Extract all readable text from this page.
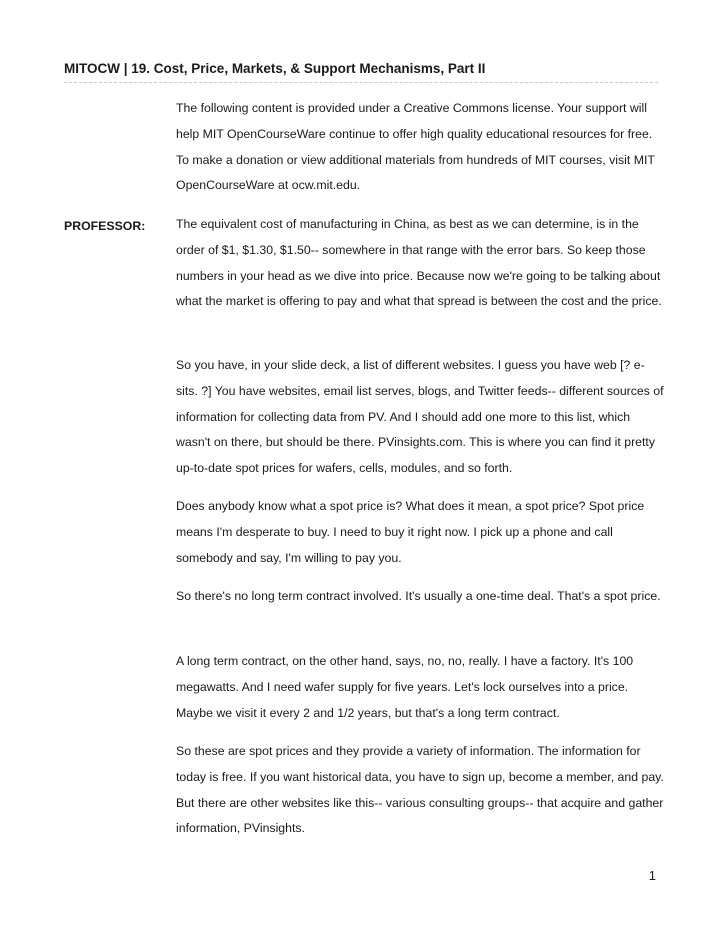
MITOCW | 19. Cost, Price, Markets, & Support Mechanisms, Part II
The following content is provided under a Creative Commons license. Your support will help MIT OpenCourseWare continue to offer high quality educational resources for free. To make a donation or view additional materials from hundreds of MIT courses, visit MIT OpenCourseWare at ocw.mit.edu.
PROFESSOR: The equivalent cost of manufacturing in China, as best as we can determine, is in the order of $1, $1.30, $1.50-- somewhere in that range with the error bars. So keep those numbers in your head as we dive into price. Because now we're going to be talking about what the market is offering to pay and what that spread is between the cost and the price.
So you have, in your slide deck, a list of different websites. I guess you have web [? e-sits. ?] You have websites, email list serves, blogs, and Twitter feeds-- different sources of information for collecting data from PV. And I should add one more to this list, which wasn't on there, but should be there. PVinsights.com. This is where you can find it pretty up-to-date spot prices for wafers, cells, modules, and so forth.
Does anybody know what a spot price is? What does it mean, a spot price? Spot price means I'm desperate to buy. I need to buy it right now. I pick up a phone and call somebody and say, I'm willing to pay you.
So there's no long term contract involved. It's usually a one-time deal. That's a spot price.
A long term contract, on the other hand, says, no, no, really. I have a factory. It's 100 megawatts. And I need wafer supply for five years. Let's lock ourselves into a price. Maybe we visit it every 2 and 1/2 years, but that's a long term contract.
So these are spot prices and they provide a variety of information. The information for today is free. If you want historical data, you have to sign up, become a member, and pay. But there are other websites like this-- various consulting groups-- that acquire and gather information, PVinsights.
1
